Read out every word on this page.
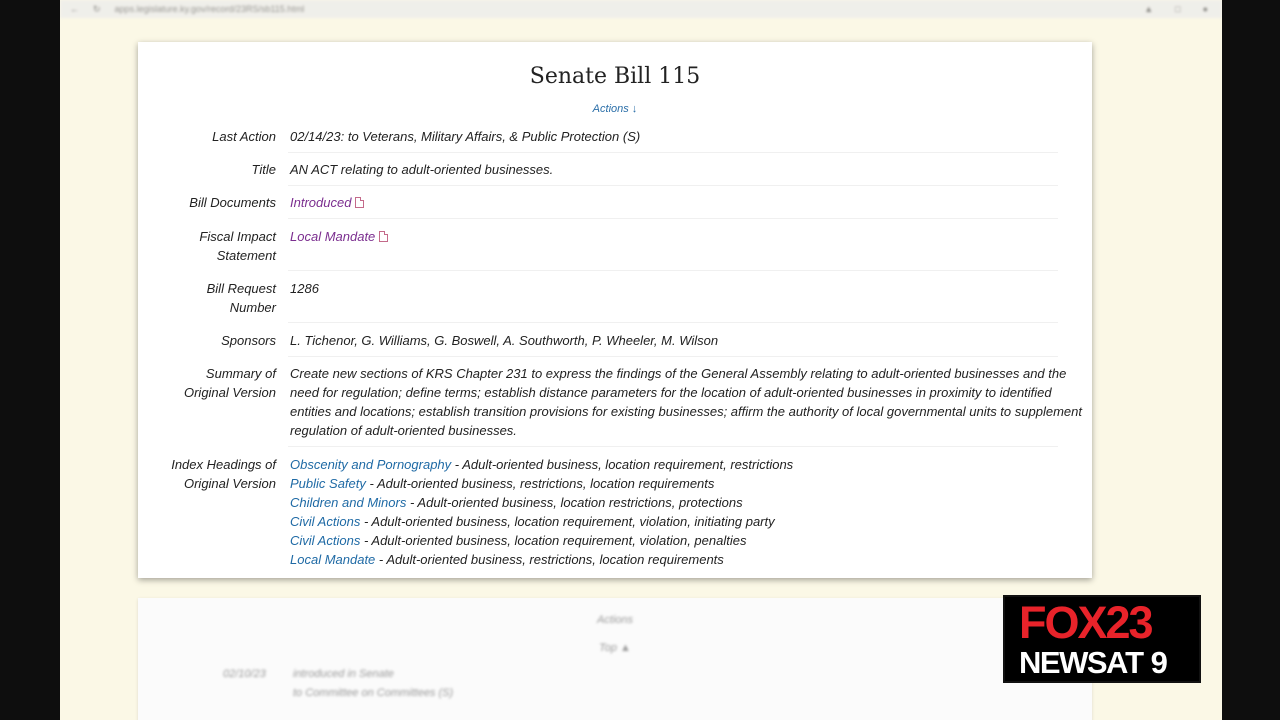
← ↻ apps.legislature.ky.gov/record/23RS/sb115.html	▲ □ ●
Senate Bill 115
Actions ↓
Last Action 02/14/23: to Veterans, Military Affairs, & Public Protection (S)
Title AN ACT relating to adult-oriented businesses.
Bill Documents Introduced
Fiscal Impact
Statement
Local Mandate
Bill Request
Number
1286
Sponsors L. Tichenor, G. Williams, G. Boswell, A. Southworth, P. Wheeler, M. Wilson
Summary of
Original Version
Create new sections of KRS Chapter 231 to express the findings of the General Assembly relating to adult-oriented businesses and the need for regulation; define terms; establish distance parameters for the location of adult-oriented businesses in proximity to identified entities and locations; establish transition provisions for existing businesses; affirm the authority of local governmental units to supplement regulation of adult-oriented businesses.
Index Headings of
Original Version
Obscenity and Pornography - Adult-oriented business, location requirement, restrictions
Public Safety - Adult-oriented business, restrictions, location requirements
Children and Minors - Adult-oriented business, location restrictions, protections
Civil Actions - Adult-oriented business, location requirement, violation, initiating party
Civil Actions - Adult-oriented business, location requirement, violation, penalties
Local Mandate - Adult-oriented business, restrictions, location requirements
Actions
Top ▲
02/10/23 introduced in Senate
to Committee on Committees (S)
FOX23
NEWSAT 9
